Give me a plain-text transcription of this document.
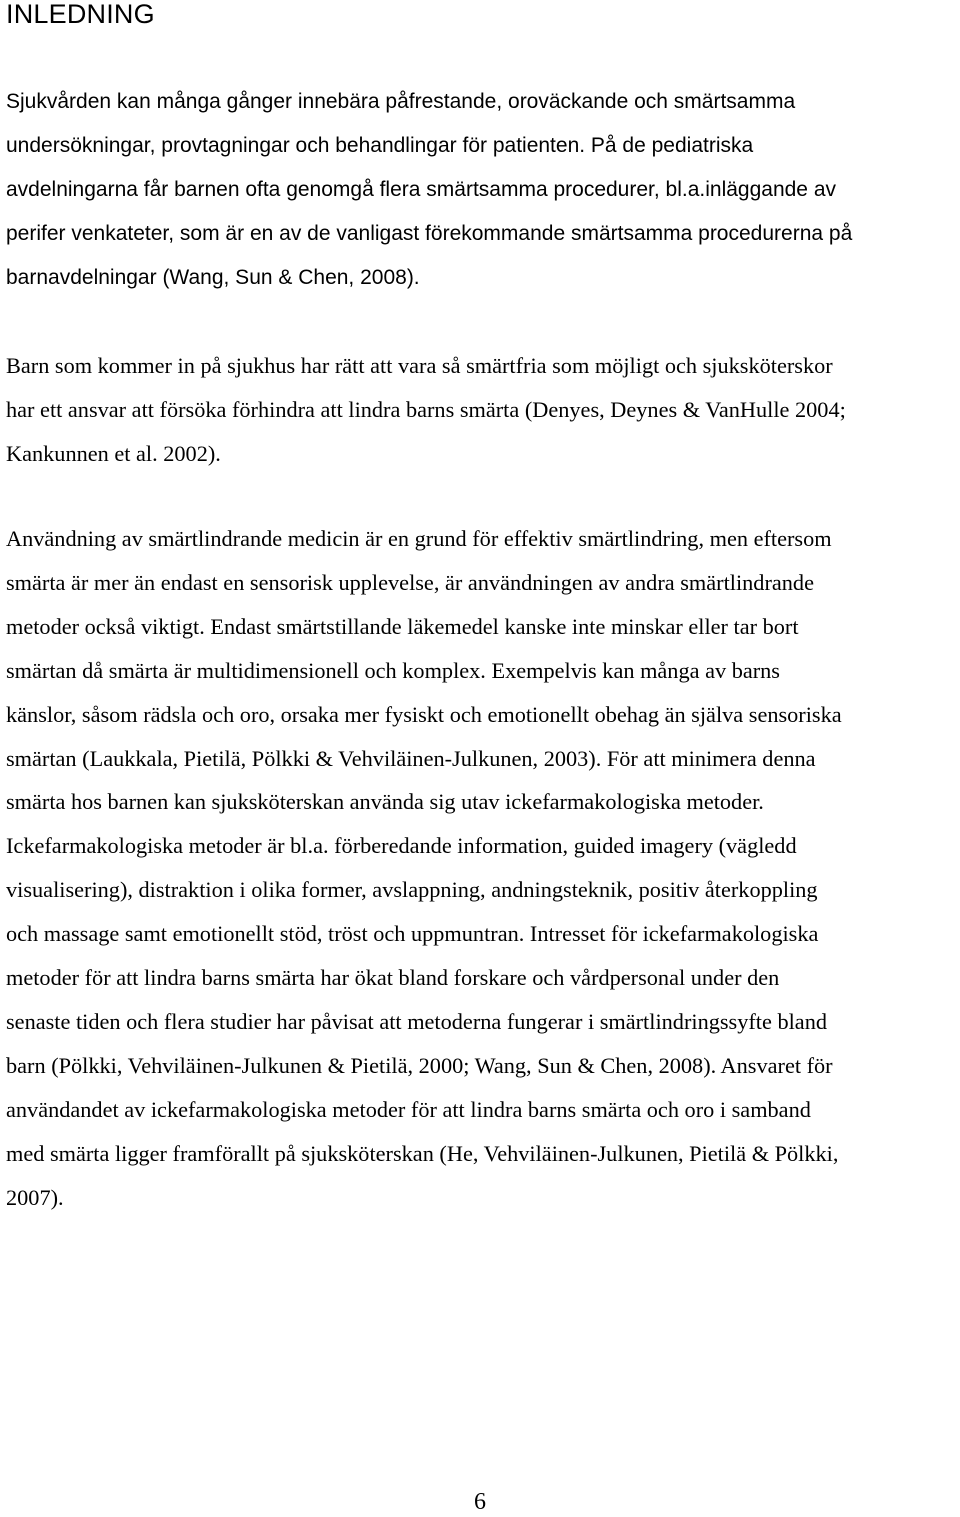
INLEDNING

Sjukvården kan många gånger innebära påfrestande, oroväckande och smärtsamma
undersökningar, provtagningar och behandlingar för patienten. På de pediatriska
avdelningarna får barnen ofta genomgå flera smärtsamma procedurer, bl.a.inläggande av
perifer venkateter, som är en av de vanligast förekommande smärtsamma procedurerna på
barnavdelningar (Wang, Sun & Chen, 2008).

Barn som kommer in på sjukhus har rätt att vara så smärtfria som möjligt och sjuksköterskor
har ett ansvar att försöka förhindra att lindra barns smärta (Denyes, Deynes & VanHulle 2004;
Kankunnen et al. 2002).

Användning av smärtlindrande medicin är en grund för effektiv smärtlindring, men eftersom
smärta är mer än endast en sensorisk upplevelse, är användningen av andra smärtlindrande
metoder också viktigt. Endast smärtstillande läkemedel kanske inte minskar eller tar bort
smärtan då smärta är multidimensionell och komplex. Exempelvis kan många av barns
känslor, såsom rädsla och oro, orsaka mer fysiskt och emotionellt obehag än själva sensoriska
smärtan (Laukkala, Pietilä, Pölkki & Vehviläinen-Julkunen, 2003). För att minimera denna
smärta hos barnen kan sjuksköterskan använda sig utav ickefarmakologiska metoder.
Ickefarmakologiska metoder är bl.a. förberedande information, guided imagery (vägledd
visualisering), distraktion i olika former, avslappning, andningsteknik, positiv återkoppling
och massage samt emotionellt stöd, tröst och uppmuntran. Intresset för ickefarmakologiska
metoder för att lindra barns smärta har ökat bland forskare och vårdpersonal under den
senaste tiden och flera studier har påvisat att metoderna fungerar i smärtlindringssyfte bland
barn (Pölkki, Vehviläinen-Julkunen & Pietilä, 2000; Wang, Sun & Chen, 2008). Ansvaret för
användandet av ickefarmakologiska metoder för att lindra barns smärta och oro i samband
med smärta ligger framförallt på sjuksköterskan (He, Vehviläinen-Julkunen, Pietilä & Pölkki,
2007).

6
